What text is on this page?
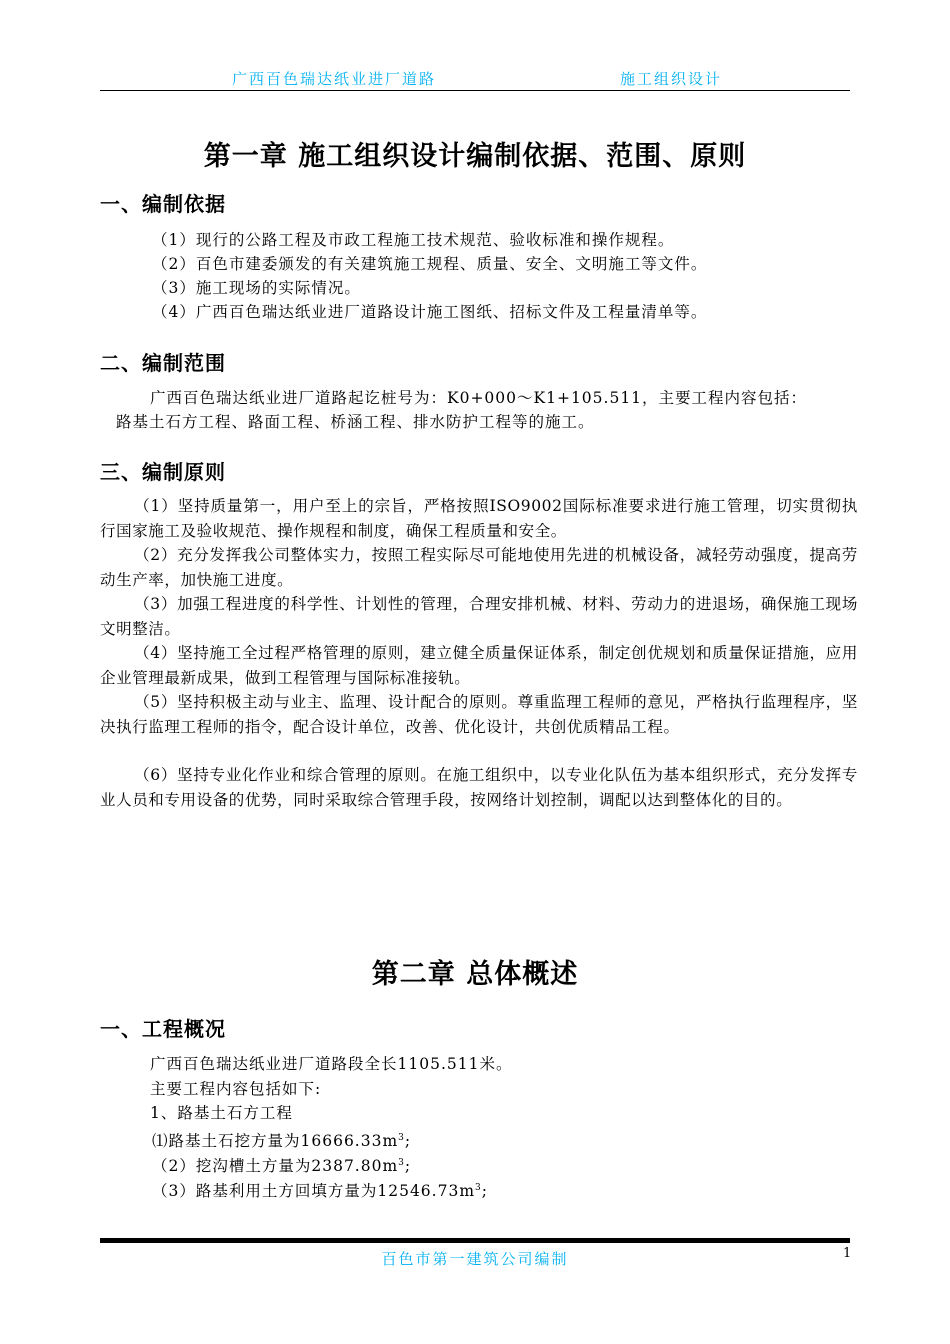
广西百色瑞达纸业进厂道路	施工组织设计
第一章 施工组织设计编制依据、范围、原则
一、编制依据
（1）现行的公路工程及市政工程施工技术规范、验收标准和操作规程。
（2）百色市建委颁发的有关建筑施工规程、质量、安全、文明施工等文件。
（3）施工现场的实际情况。
（4）广西百色瑞达纸业进厂道路设计施工图纸、招标文件及工程量清单等。
二、编制范围
广西百色瑞达纸业进厂道路起讫桩号为：K0+000～K1+105.511，主要工程内容包括：
路基土石方工程、路面工程、桥涵工程、排水防护工程等的施工。
三、编制原则
（1）坚持质量第一，用户至上的宗旨，严格按照ISO9002国际标准要求进行施工管理，切实贯彻执行国家施工及验收规范、操作规程和制度，确保工程质量和安全。
（2）充分发挥我公司整体实力，按照工程实际尽可能地使用先进的机械设备，减轻劳动强度，提高劳动生产率，加快施工进度。
（3）加强工程进度的科学性、计划性的管理，合理安排机械、材料、劳动力的进退场，确保施工现场文明整洁。
（4）坚持施工全过程严格管理的原则，建立健全质量保证体系，制定创优规划和质量保证措施，应用企业管理最新成果，做到工程管理与国际标准接轨。
（5）坚持积极主动与业主、监理、设计配合的原则。尊重监理工程师的意见，严格执行监理程序，坚决执行监理工程师的指令，配合设计单位，改善、优化设计，共创优质精品工程。
（6）坚持专业化作业和综合管理的原则。在施工组织中，以专业化队伍为基本组织形式，充分发挥专业人员和专用设备的优势，同时采取综合管理手段，按网络计划控制，调配以达到整体化的目的。
第二章 总体概述
一、工程概况
广西百色瑞达纸业进厂道路段全长1105.511米。
主要工程内容包括如下:
1、路基土石方工程
⑴路基土石挖方量为$16666.33m^3$;
（2）挖沟槽土方量为$2387.80m^3$;
（3）路基利用土方回填方量为$12546.73m^3$;
百色市第一建筑公司编制	1
